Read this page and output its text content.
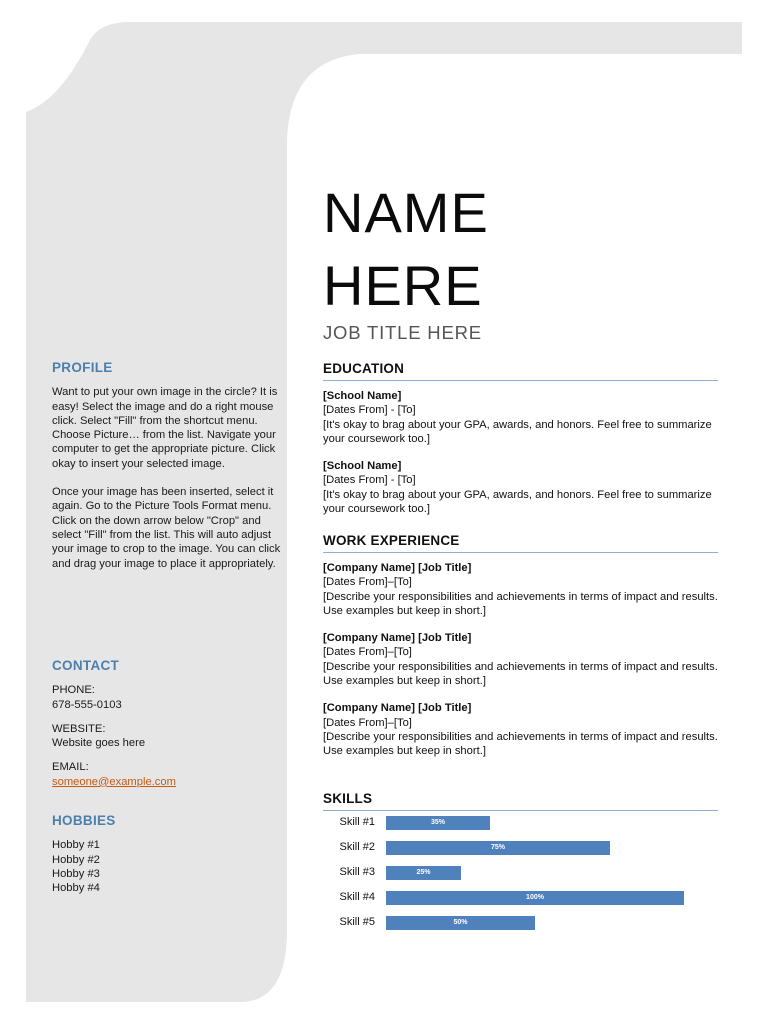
PROFILE

Want to put your own image in the circle? It is easy! Select the image and do a right mouse click. Select "Fill" from the shortcut menu. Choose Picture… from the list. Navigate your computer to get the appropriate picture. Click okay to insert your selected image.

Once your image has been inserted, select it again. Go to the Picture Tools Format menu. Click on the down arrow below "Crop" and select "Fill" from the list. This will auto adjust your image to crop to the image. You can click and drag your image to place it appropriately.

CONTACT
PHONE:
678-555-0103
WEBSITE:
Website goes here
EMAIL:
someone@example.com
HOBBIES
Hobby #1
Hobby #2
Hobby #3
Hobby #4
NAME
HERE
JOB TITLE HERE
EDUCATION
[School Name]
[Dates From] - [To]
[It's okay to brag about your GPA, awards, and honors. Feel free to summarize your coursework too.]
[School Name]
[Dates From] - [To]
[It's okay to brag about your GPA, awards, and honors. Feel free to summarize your coursework too.]
WORK EXPERIENCE
[Company Name] [Job Title]
[Dates From]–[To]
[Describe your responsibilities and achievements in terms of impact and results. Use examples but keep in short.]
[Company Name] [Job Title]
[Dates From]–[To]
[Describe your responsibilities and achievements in terms of impact and results. Use examples but keep in short.]
[Company Name] [Job Title]
[Dates From]–[To]
[Describe your responsibilities and achievements in terms of impact and results. Use examples but keep in short.]
SKILLS
Skill #1	35%
Skill #2	75%
Skill #3	25%
Skill #4	100%
Skill #5	50%
